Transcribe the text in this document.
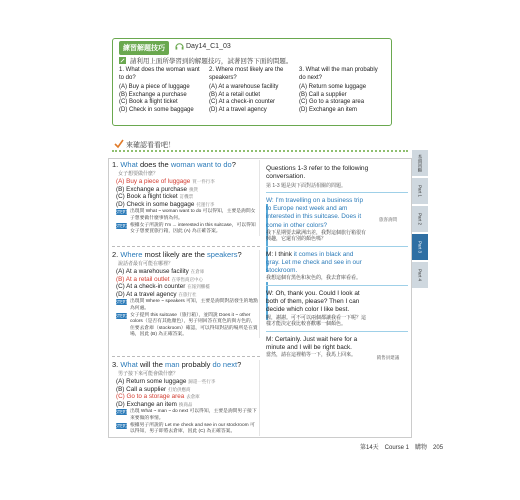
練習解題技巧	Day14_C1_03
請利用上面所學習到的解題技巧，試著回答下面的問題。
1. What does the woman want to do?
(A) Buy a piece of luggage
(B) Exchange a purchase
(C) Book a flight ticket
(D) Check in some baggage
2. Where most likely are the speakers?
(A) At a warehouse facility
(B) At a retail outlet
(C) At a check-in counter
(D) At a travel agency
3. What will the man probably do next?
(A) Return some luggage
(B) Call a supplier
(C) Go to a storage area
(D) Exchange an item
來確認看看吧！
1. What does the woman want to do?
女子想要做什麼？
(A) Buy a piece of luggage 買一件行李
(B) Exchange a purchase 換貨
(C) Book a flight ticket 訂機票
(D) Check in some baggage 托運行李
STEP1 出現問 What ~ woman want to do 可以得知，主要是詢問女子想要做什麼事情為何。
STEP2 根據女子所說的 I'm ... interested in this suitcase，可以得知女子想要買旅行箱，因此 (A) 為正確答案。
2. Where most likely are the speakers?
說話者最有可能在哪裡？
(A) At a warehouse facility 在倉庫
(B) At a retail outlet 在零售商店中心
(C) At a check-in counter 在報到櫃檯
(D) At a travel agency 在旅行社
STEP1 出現問 Where ~ speakers 可知，主要是詢問對話發生的地點為何處。
STEP2 女子提到 this suitcase（旅行箱），並問說 Does it ~ other colors（是否有其他顏色），男子則回答在寬色的與方色的，住要去倉庫（stockroom）確認，可以得知對話的場所是在賣場，因此 (B) 為正確答案。
3. What will the man probably do next?
男子接下來可能會做什麼？
(A) Return some luggage 歸還一些行李
(B) Call a supplier 打給供應商
(C) Go to a storage area 去倉庫
(D) Exchange an item 換商品
STEP1 出現 What ~ man ~ do next 可以得知，主要是詢問男子接下來要做的事情。
STEP2 根據男子所說的 Let me check and see in our stockroom 可以得知，男子即將去倉庫，因此 (C) 為正確答案。
Questions 1-3 refer to the following conversation.
第 1-3 題是與下面對話相關的問題。
W: I'm travelling on a business trip to Europe next week and am interested in this suitcase. Does it come in other colors?
我下星期要去歐洲出差，我對這個旅行箱很有興趣，它還有別的顏色嗎？
旅客詢問
M: I think it comes in black and gray. Let me check and see in our stockroom.
我想這個有黑色和灰色的，我去倉庫看看。
W: Oh, thank you. Could I look at both of them, please? Then I can decide which color I like best.
喔，謝謝。可不可以兩個都讓我看一下呢？這樣才能決定我比較喜歡哪一個顏色。
銷售員建議
M: Certainly. Just wait here for a minute and I will be right back.
當然，請在這裡稍等一下，我馬上回來。
本週回顧
Part 1
Part 2
Part 3
Part 4
第14天　Course 1　購物　205
